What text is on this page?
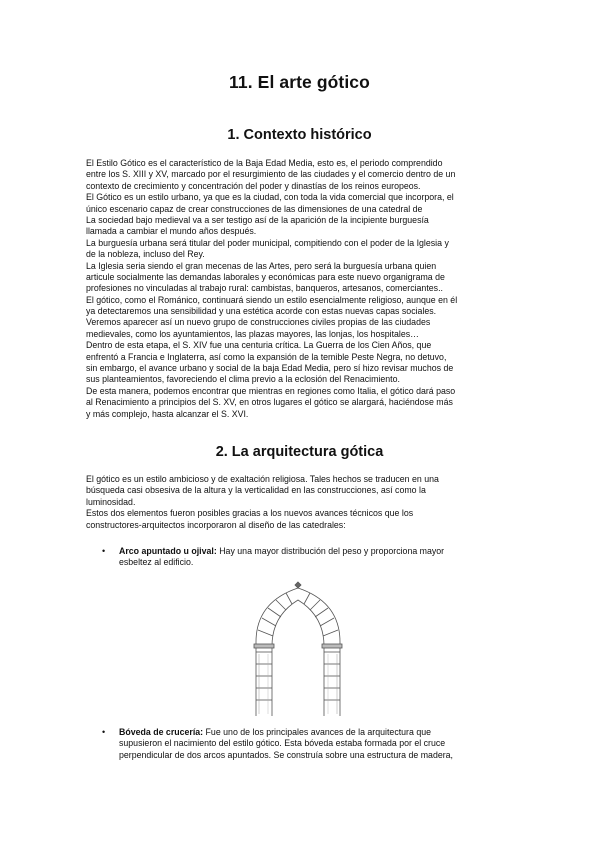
11. El arte gótico
1. Contexto histórico
El Estilo Gótico es el característico de la Baja Edad Media, esto es, el periodo comprendido
entre los S. XIII y XV, marcado por el resurgimiento de las ciudades y el comercio dentro de un
contexto de crecimiento y concentración del poder y dinastías de los reinos europeos.
El Gótico es un estilo urbano, ya que es la ciudad, con toda la vida comercial que incorpora, el
único escenario capaz de crear construcciones de las dimensiones de una catedral de
La sociedad bajo medieval va a ser testigo así de la aparición de la incipiente burguesía
llamada a cambiar el mundo años después.
La burguesía urbana será titular del poder municipal, compitiendo con el poder de la Iglesia y
de la nobleza, incluso del Rey.
La Iglesia seria siendo el gran mecenas de las Artes, pero será la burguesía urbana quien
articule socialmente las demandas laborales y económicas para este nuevo organigrama de
profesiones no vinculadas al trabajo rural: cambistas, banqueros, artesanos, comerciantes..
El gótico, como el Románico, continuará siendo un estilo esencialmente religioso, aunque en él
ya detectaremos una sensibilidad y una estética acorde con estas nuevas capas sociales.
Veremos aparecer así un nuevo grupo de construcciones civiles propias de las ciudades
medievales, como los ayuntamientos, las plazas mayores, las lonjas, los hospitales…
Dentro de esta etapa, el S. XIV fue una centuria crítica. La Guerra de los Cien Años, que
enfrentó a Francia e Inglaterra, así como la expansión de la temible Peste Negra, no detuvo,
sin embargo, el avance urbano y social de la baja Edad Media, pero sí hizo revisar muchos de
sus planteamientos, favoreciendo el clima previo a la eclosión del Renacimiento.
De esta manera, podemos encontrar que mientras en regiones como Italia, el gótico dará paso
al Renacimiento a principios del S. XV, en otros lugares el gótico se alargará, haciéndose más
y más complejo, hasta alcanzar el S. XVI.
2. La arquitectura gótica
El gótico es un estilo ambicioso y de exaltación religiosa. Tales hechos se traducen en una
búsqueda casi obsesiva de la altura y la verticalidad en las construcciones, así como la
luminosidad.
Estos dos elementos fueron posibles gracias a los nuevos avances técnicos que los
constructores-arquitectos incorporaron al diseño de las catedrales:
• Arco apuntado u ojival: Hay una mayor distribución del peso y proporciona mayor
esbeltez al edificio.
• Bóveda de crucería: Fue uno de los principales avances de la arquitectura que
supusieron el nacimiento del estilo gótico. Esta bóveda estaba formada por el cruce
perpendicular de dos arcos apuntados. Se construía sobre una estructura de madera,
